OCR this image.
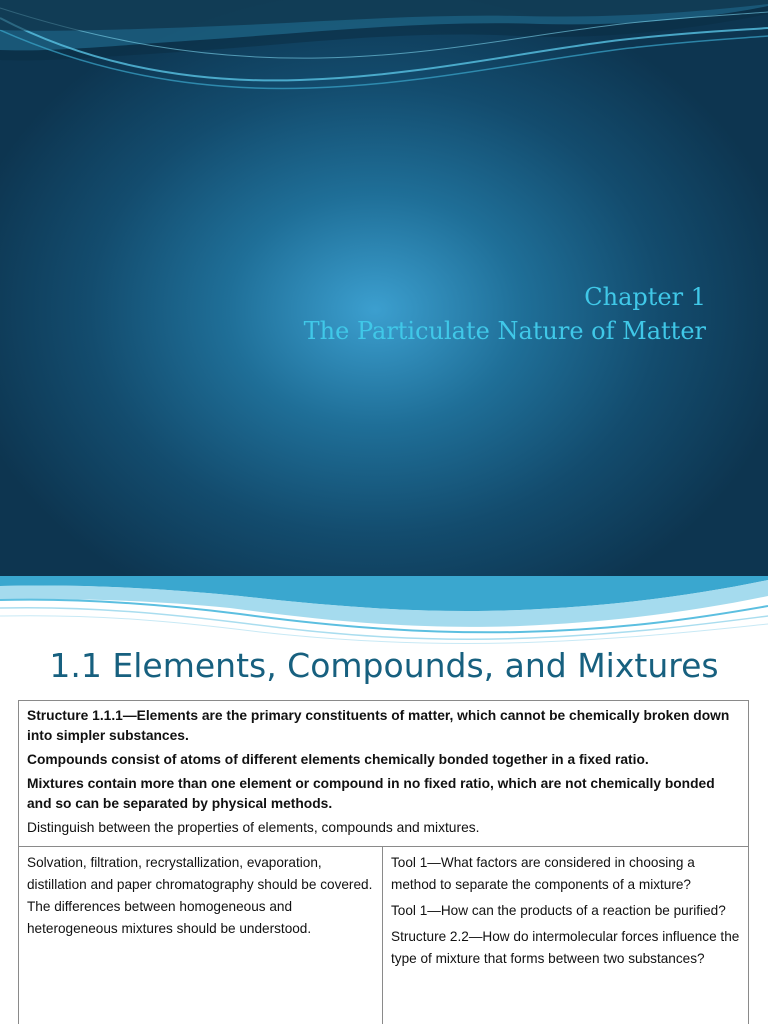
Chapter 1
The Particulate Nature of Matter
1.1 Elements, Compounds, and Mixtures

Structure 1.1.1—Elements are the primary constituents of matter, which cannot be chemically broken down into simpler substances.

Compounds consist of atoms of different elements chemically bonded together in a fixed ratio.

Mixtures contain more than one element or compound in no fixed ratio, which are not chemically bonded and so can be separated by physical methods.

Distinguish between the properties of elements, compounds and mixtures.

Solvation, filtration, recrystallization, evaporation, distillation and paper chromatography should be covered. The differences between homogeneous and heterogeneous mixtures should be understood.

Tool 1—What factors are considered in choosing a method to separate the components of a mixture?

Tool 1—How can the products of a reaction be purified?

Structure 2.2—How do intermolecular forces influence the type of mixture that forms between two substances?
